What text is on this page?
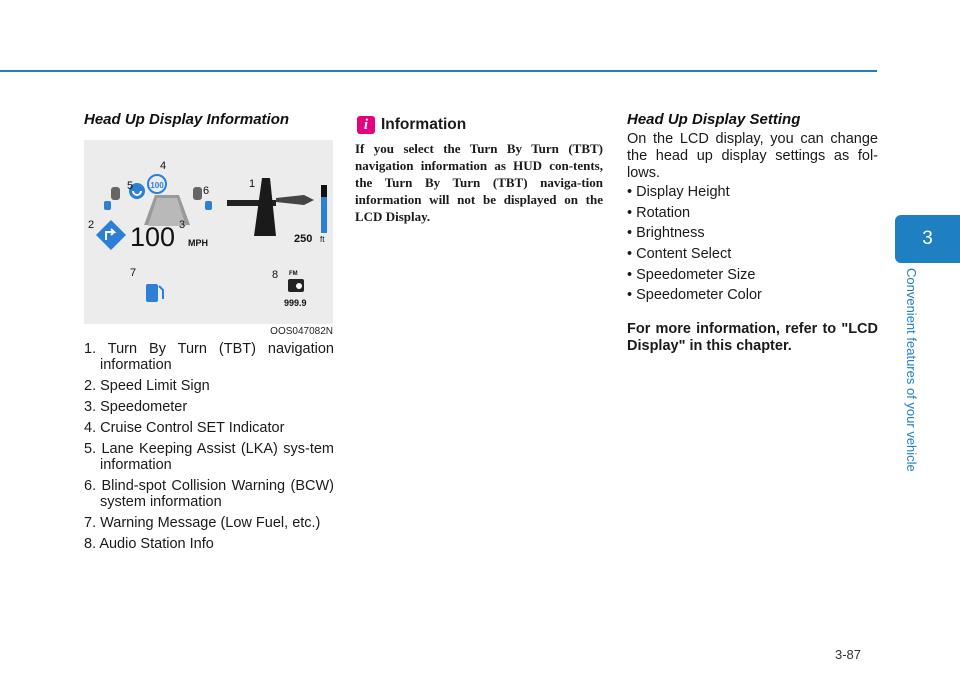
Head Up Display Information
100
100 MPH	250 ft
FM
999.9
1
2	3
4
5	6
7	8
OOS047082N
1. Turn By Turn (TBT) navigation information
2. Speed Limit Sign
3. Speedometer
4. Cruise Control SET Indicator
5. Lane Keeping Assist (LKA) sys-tem information
6. Blind-spot Collision Warning (BCW) system information
7. Warning Message (Low Fuel, etc.)
8. Audio Station Info
i Information
If you select the Turn By Turn (TBT) navigation information as HUD con-tents, the Turn By Turn (TBT) naviga-tion information will not be displayed on the LCD Display.
Head Up Display Setting
On the LCD display, you can change the head up display settings as fol-lows.
• Display Height
• Rotation
• Brightness
• Content Select
• Speedometer Size
• Speedometer Color
For more information, refer to "LCD Display" in this chapter.
3
Convenient features of your vehicle
3-87
